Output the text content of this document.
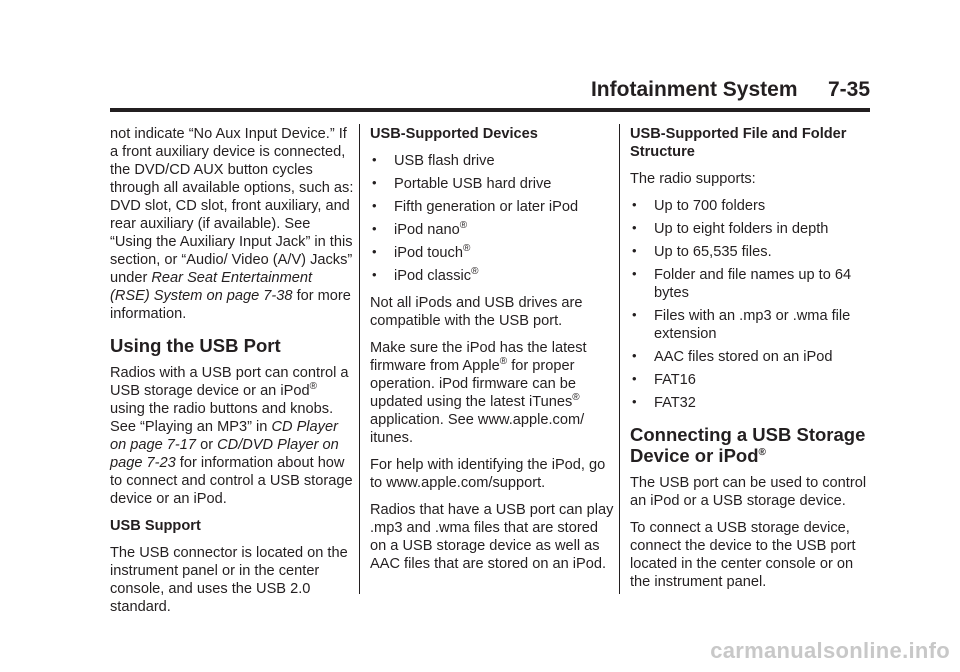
Infotainment System 7-35

not indicate “No Aux Input Device.” If a front auxiliary device is connected, the DVD/CD AUX button cycles through all available options, such as: DVD slot, CD slot, front auxiliary, and rear auxiliary (if available). See “Using the Auxiliary Input Jack” in this section, or “Audio/ Video (A/V) Jacks” under Rear Seat Entertainment (RSE) System on page 7-38 for more information.

Using the USB Port

Radios with a USB port can control a USB storage device or an iPod® using the radio buttons and knobs. See “Playing an MP3” in CD Player on page 7-17 or CD/DVD Player on page 7-23 for information about how to connect and control a USB storage device or an iPod.

USB Support

The USB connector is located on the instrument panel or in the center console, and uses the USB 2.0 standard.

USB-Supported Devices

• USB flash drive
• Portable USB hard drive
• Fifth generation or later iPod
• iPod nano®
• iPod touch®
• iPod classic®

Not all iPods and USB drives are compatible with the USB port.

Make sure the iPod has the latest firmware from Apple® for proper operation. iPod firmware can be updated using the latest iTunes® application. See www.apple.com/ itunes.

For help with identifying the iPod, go to www.apple.com/support.

Radios that have a USB port can play .mp3 and .wma files that are stored on a USB storage device as well as AAC files that are stored on an iPod.

USB-Supported File and Folder Structure

The radio supports:

• Up to 700 folders
• Up to eight folders in depth
• Up to 65,535 files.
• Folder and file names up to 64 bytes
• Files with an .mp3 or .wma file extension
• AAC files stored on an iPod
• FAT16
• FAT32
Connecting a USB Storage Device or iPod®

The USB port can be used to control an iPod or a USB storage device.

To connect a USB storage device, connect the device to the USB port located in the center console or on the instrument panel.

carmanualsonline.info
